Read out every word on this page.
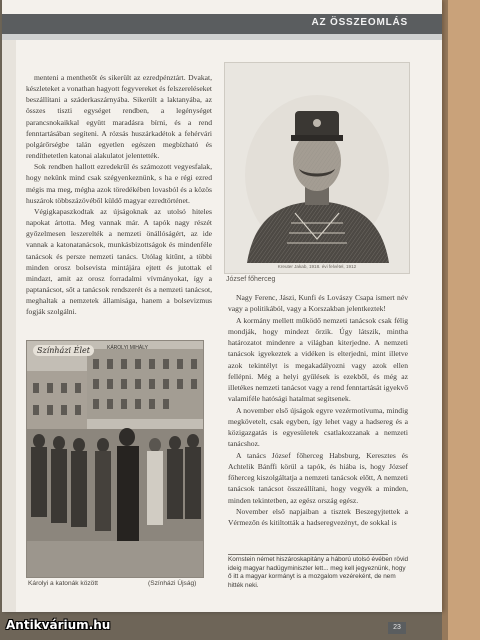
AZ ÖSSZEOMLÁS

menteni a menthetőt és sikerült az ezredpénztárt. Dvakat, készleteket a vonathan hagyott fegyvereket és felszereléseket beszállítani a száderkaszárnyába. Sikerült a laktanyába, az összes tiszti egységet rendben, a legénységet parancsnokaikkal együtt maradásra bírni, és a rend fenntartásában segíteni. A rózsás huszárkadétok a fehérvári polgárőrségbe talán egyetlen egészen megbízható és rendíthetetlen katonai alakulatot jelentették.

Sok rendben hallott ezredekrűl és számozott vegyesfalak, hogy nekünk mind csak szégyenkeznünk, s ha e régi ezred mégis ma meg, mégha azok töredékében lovasból és a közös huszárok többszázövéből küldő magyar ezredtörténet.

Végigkapaszkodtak az újságoknak az utolsó hiteles napokat ártotta. Meg vannak már. A tapók nagy részét győzelmesen leszerelték a nemzeti önállóságért, az ide vannak a katonatanácsok, munkásbizottságok és mindenféle tanácsok és persze nemzeti tanács. Utólag kitűnt, a többi minden orosz bolsevista mintájára ejtett és jutottak el mindazt, amit az orosz forradalmi vívmányokat, így a paptanácsot, sőt a tanácsok rendszerét és a nemzeti tanácsot, meghaltak a nemzetek államisága, hanem a bolsevizmus fogják szolgálni.

Kreuter Jakab, 1918. évi felvétel, 1912
József főherceg

Nagy Ferenc, Jászi, Kunfi és Lovászy Csapa ismert név vagy a politikából, vagy a Korszakban jelentkeztek!

A kormány mellett működő nemzeti tanácsok csak félig mondják, hogy mindezt őrzik. Úgy látszik, mintha határozatot mindenre a világban kiterjedne. A nemzeti tanácsok igyekeztek a vidéken is elterjedni, mint illetve azok tekintélyt is megakadályozni vagy azok ellen fellépni. Még a helyi gyűlések is ezekből, és még az illetékes nemzeti tanácsot vagy a rend fenntartását igyekvő valamiféle hatósági hatalmat segítsenek.

A november első újságok egyre vezérmotívuma, mindig megkövetelt, csak egyben, így lehet vagy a hadsereg és a közigazgatás is egyesületek csatlakozzanak a nemzeti tanácshoz.

A tanács József főherceg Habsburg, Keresztes és Achtelik Bánffi körül a tapók, és hiába is, hogy József főherceg kiszolgáltatja a nemzeti tanácsok előtt, A nemzeti tanácsok tanácsot összeállítani, hogy vegyék a minden, minden tekintetben, az egész ország egész.

November első napjaiban a tisztek Beszegyjtettek a Vérmezőn és kitiltották a hadseregvezényt, de sokkal is

Kornstein német hiszároskapitány a háború utolsó évében rövid ideig magyar hadügyminiszter lett... meg kell jegyeznünk, hogy ő itt a magyar kormányt is a mozgalom vezéreként, de nem hitték neki.
Színházi Élet	KÁROLYI MIHÁLY
Károlyi a katonák között	(Színházi Újság)
23
Antikvárium.hu
